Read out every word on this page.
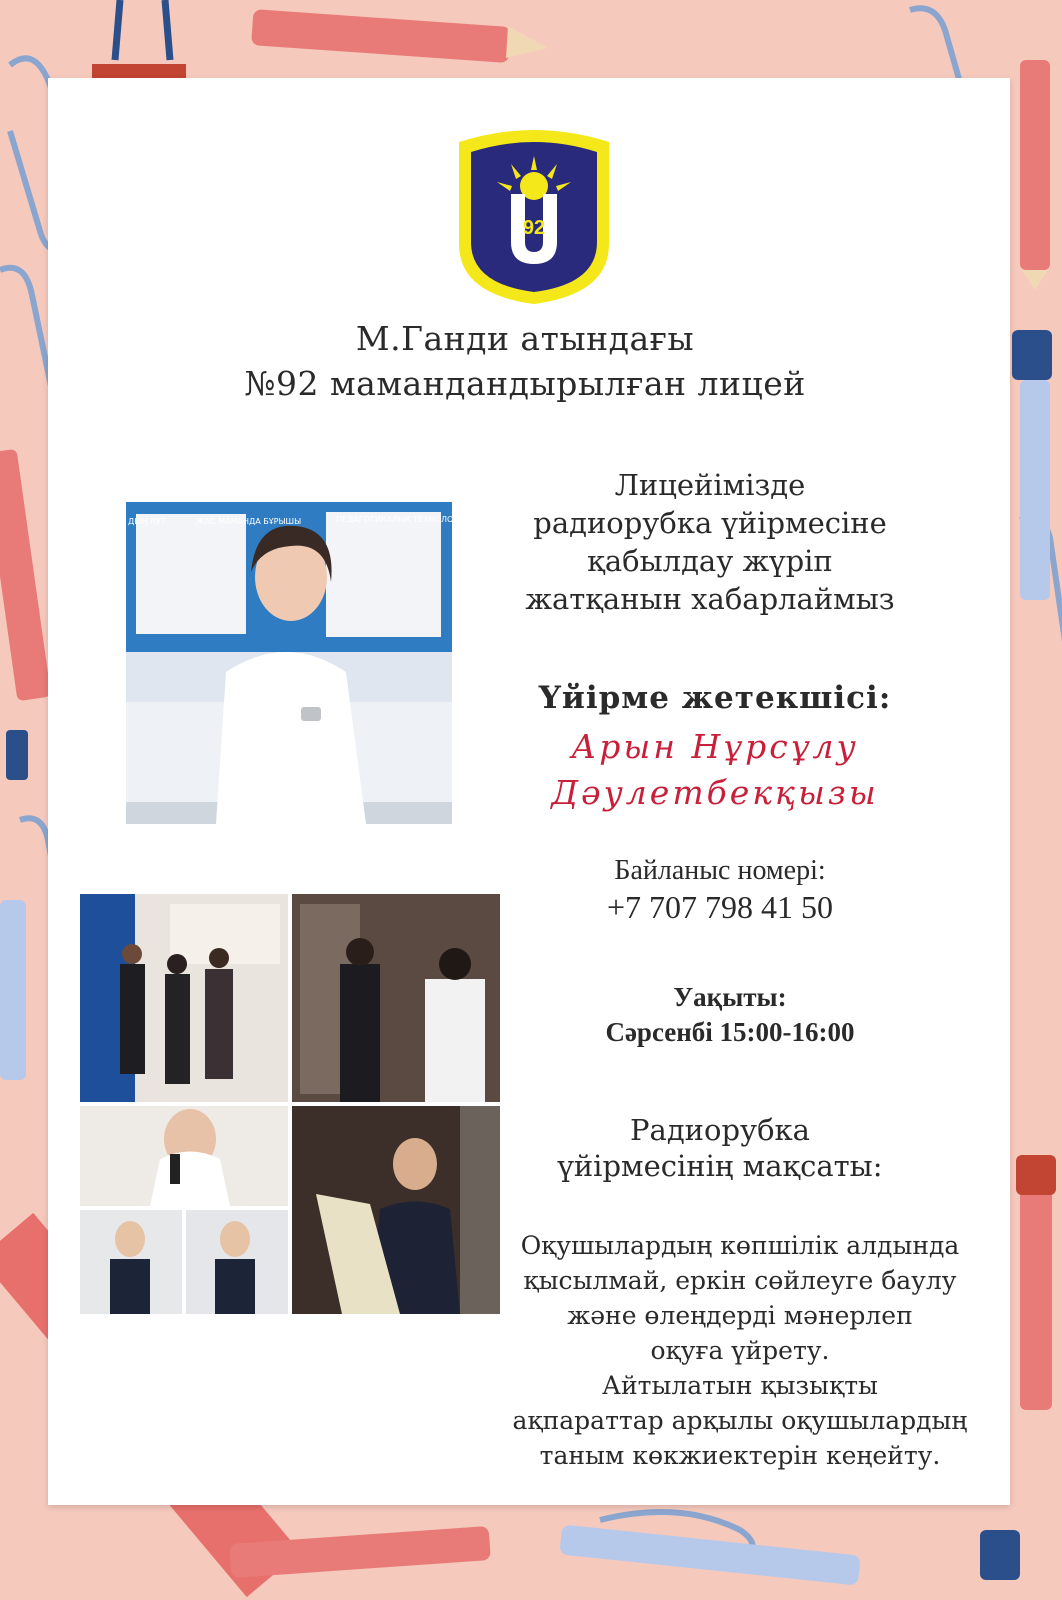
92
М.Ганди атындағы
№92 мамандандырылған лицей
Лицейімізде
радиорубка үйірмесіне
қабылдау жүріп
жатқанын хабарлаймыз
ЖАС МАМАНДА БҰРЫШЫ	ПЕДАГОГИКАЛЫҚ ТЕХНОЛОГИЯЛАР
ДЫҢ ЛУТ
Үйірме жетекшісі:
Арын Нұрсұлу
Дәулетбекқызы
Байланыс номері:
+7 707 798 41 50
Уақыты:
Сәрсенбі 15:00-16:00
Радиорубка
үйірмесінің мақсаты:
Оқушылардың көпшілік алдында
қысылмай, еркін сөйлеуге баулу
және өлеңдерді мәнерлеп
оқуға үйрету.
Айтылатын қызықты
ақпараттар арқылы оқушылардың
таным көкжиектерін кеңейту.
